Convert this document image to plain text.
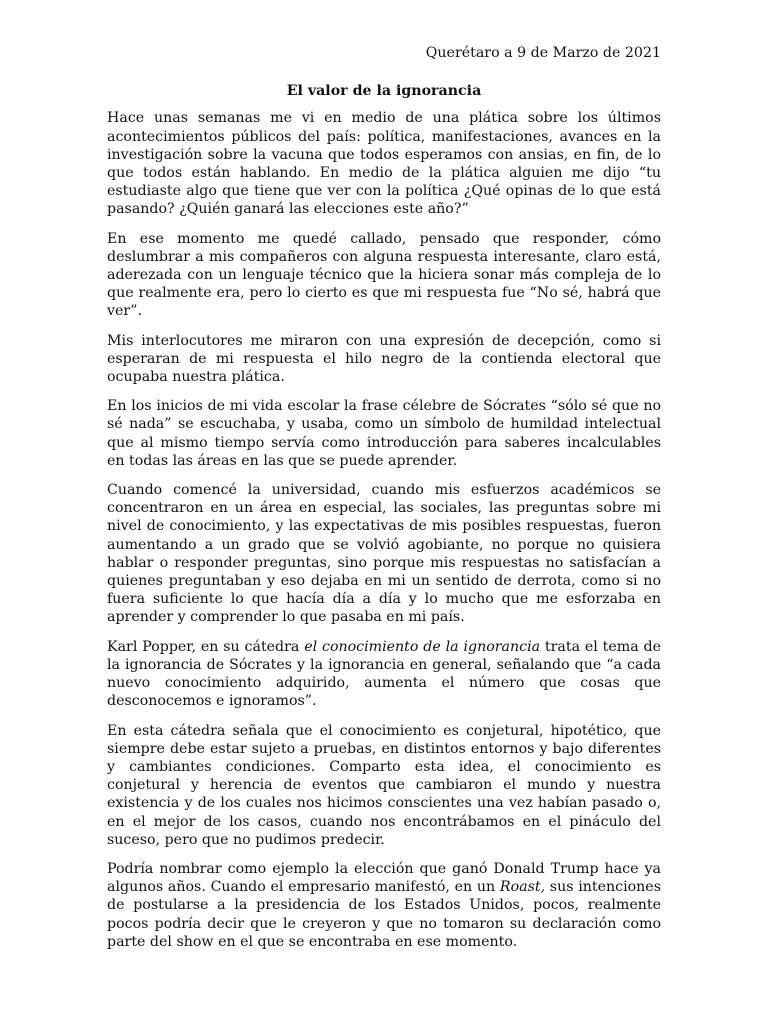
Querétaro a 9 de Marzo de 2021
El valor de la ignorancia

Hace unas semanas me vi en medio de una plática sobre los últimos acontecimientos públicos del país: política, manifestaciones, avances en la investigación sobre la vacuna que todos esperamos con ansias, en fin, de lo que todos están hablando. En medio de la plática alguien me dijo “tu estudiaste algo que tiene que ver con la política ¿Qué opinas de lo que está pasando? ¿Quién ganará las elecciones este año?”

En ese momento me quedé callado, pensado que responder, cómo deslumbrar a mis compañeros con alguna respuesta interesante, claro está, aderezada con un lenguaje técnico que la hiciera sonar más compleja de lo que realmente era, pero lo cierto es que mi respuesta fue “No sé, habrá que ver”.

Mis interlocutores me miraron con una expresión de decepción, como si esperaran de mi respuesta el hilo negro de la contienda electoral que ocupaba nuestra plática.

En los inicios de mi vida escolar la frase célebre de Sócrates “sólo sé que no sé nada” se escuchaba, y usaba, como un símbolo de humildad intelectual que al mismo tiempo servía como introducción para saberes incalculables en todas las áreas en las que se puede aprender.

Cuando comencé la universidad, cuando mis esfuerzos académicos se concentraron en un área en especial, las sociales, las preguntas sobre mi nivel de conocimiento, y las expectativas de mis posibles respuestas, fueron aumentando a un grado que se volvió agobiante, no porque no quisiera hablar o responder preguntas, sino porque mis respuestas no satisfacían a quienes preguntaban y eso dejaba en mi un sentido de derrota, como si no fuera suficiente lo que hacía día a día y lo mucho que me esforzaba en aprender y comprender lo que pasaba en mi país.

Karl Popper, en su cátedra el conocimiento de la ignorancia trata el tema de la ignorancia de Sócrates y la ignorancia en general, señalando que “a cada nuevo conocimiento adquirido, aumenta el número que cosas que desconocemos e ignoramos”.

En esta cátedra señala que el conocimiento es conjetural, hipotético, que siempre debe estar sujeto a pruebas, en distintos entornos y bajo diferentes y cambiantes condiciones. Comparto esta idea, el conocimiento es conjetural y herencia de eventos que cambiaron el mundo y nuestra existencia y de los cuales nos hicimos conscientes una vez habían pasado o, en el mejor de los casos, cuando nos encontrábamos en el pináculo del suceso, pero que no pudimos predecir.

Podría nombrar como ejemplo la elección que ganó Donald Trump hace ya algunos años. Cuando el empresario manifestó, en un Roast, sus intenciones de postularse a la presidencia de los Estados Unidos, pocos, realmente pocos podría decir que le creyeron y que no tomaron su declaración como parte del show en el que se encontraba en ese momento.
